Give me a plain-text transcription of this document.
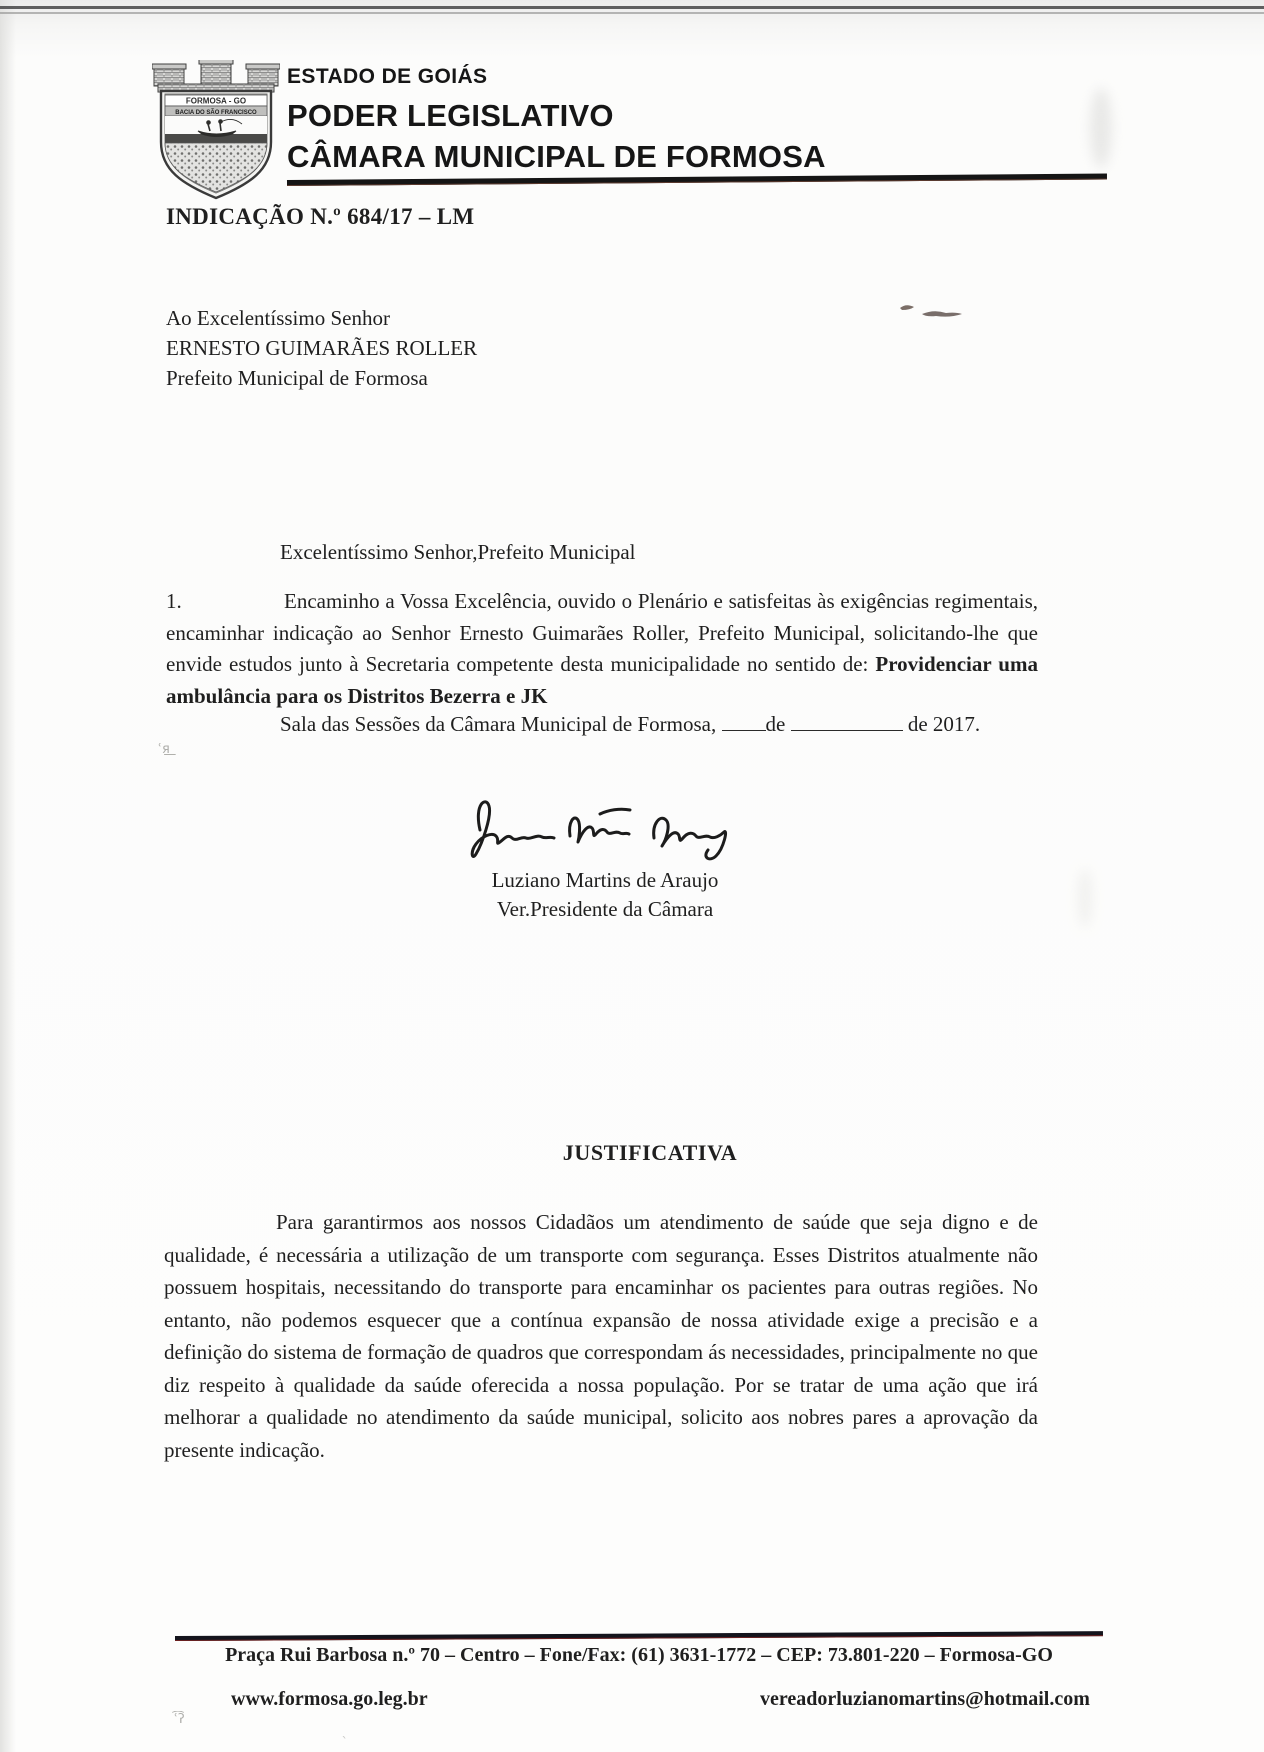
FORMOSA - GO
BACIA DO SÃO FRANCISCO
ESTADO DE GOIÁS
PODER LEGISLATIVO
CÂMARA MUNICIPAL DE FORMOSA
INDICAÇÃO N.º 684/17 – LM
Ao Excelentíssimo Senhor
ERNESTO GUIMARÃES ROLLER
Prefeito Municipal de Formosa
Excelentíssimo Senhor,Prefeito Municipal

1.	Encaminho a Vossa Excelência, ouvido o Plenário e satisfeitas às exigências regimentais, encaminhar indicação ao Senhor Ernesto Guimarães Roller, Prefeito Municipal, solicitando-lhe que envide estudos junto à Secretaria competente desta municipalidade no sentido de: Providenciar uma ambulância para os Distritos Bezerra e JK

Sala das Sessões da Câmara Municipal de Formosa, de	de 2017.
ʿя͟
Luziano Martins de Araujo
Ver.Presidente da Câmara
JUSTIFICATIVA

Para garantirmos aos nossos Cidadãos um atendimento de saúde que seja digno e de qualidade, é necessária a utilização de um transporte com segurança. Esses Distritos atualmente não possuem hospitais, necessitando do transporte para encaminhar os pacientes para outras regiões. No entanto, não podemos esquecer que a contínua expansão de nossa atividade exige a precisão e a definição do sistema de formação de quadros que correspondam ás necessidades, principalmente no que diz respeito à qualidade da saúde oferecida a nossa população. Por se tratar de uma ação que irá melhorar a qualidade no atendimento da saúde municipal, solicito aos nobres pares a aprovação da presente indicação.

Praça Rui Barbosa n.º 70 – Centro – Fone/Fax: (61) 3631-1772 – CEP: 73.801-220 – Formosa-GO
www.formosa.go.leg.br	vereadorluzianomartins@hotmail.com
ʿ͡ʔ
